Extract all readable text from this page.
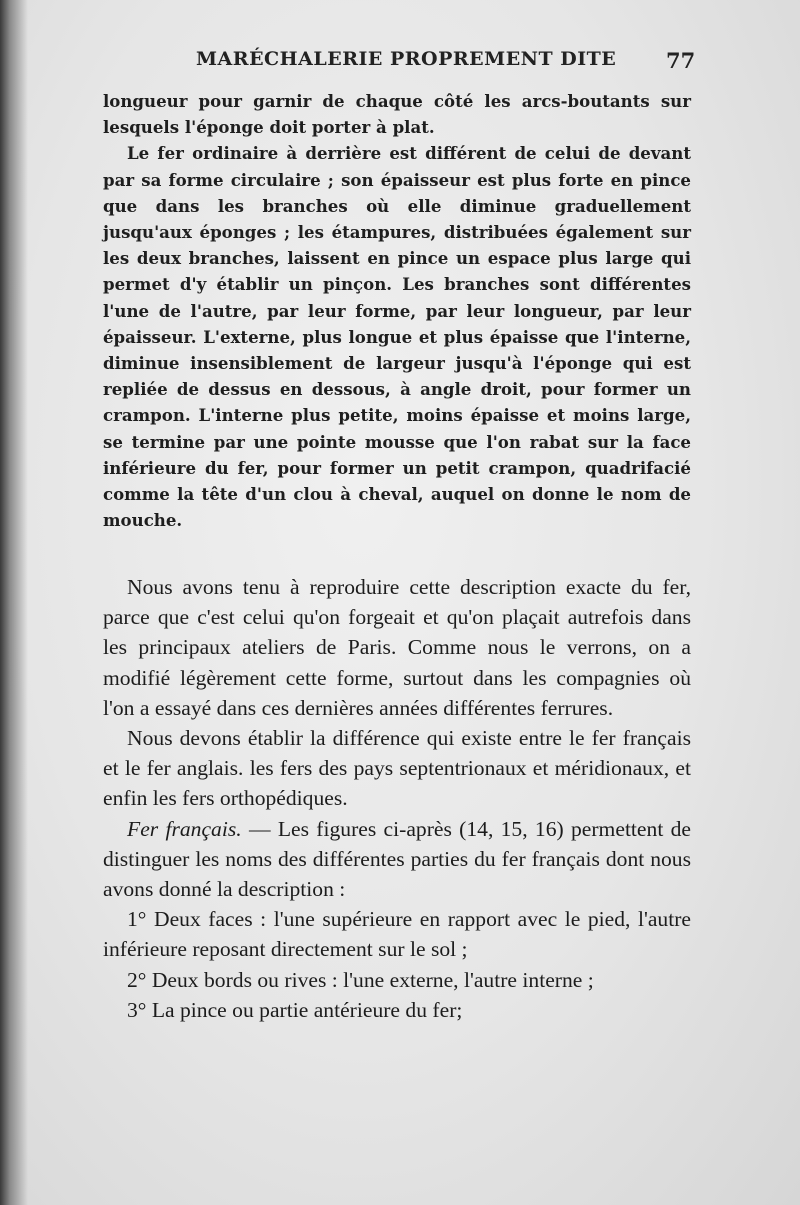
MARÉCHALERIE PROPREMENT DITE 77

longueur pour garnir de chaque côté les arcs-boutants sur lesquels l'éponge doit porter à plat.

Le fer ordinaire à derrière est différent de celui de devant par sa forme circulaire ; son épaisseur est plus forte en pince que dans les branches où elle diminue graduellement jusqu'aux éponges ; les étampures, distribuées également sur les deux branches, laissent en pince un espace plus large qui permet d'y établir un pinçon. Les branches sont différentes l'une de l'autre, par leur forme, par leur longueur, par leur épaisseur. L'externe, plus longue et plus épaisse que l'interne, diminue insensiblement de largeur jusqu'à l'éponge qui est repliée de dessus en dessous, à angle droit, pour former un crampon. L'interne plus petite, moins épaisse et moins large, se termine par une pointe mousse que l'on rabat sur la face inférieure du fer, pour former un petit crampon, quadrifacié comme la tête d'un clou à cheval, auquel on donne le nom de mouche.

Nous avons tenu à reproduire cette description exacte du fer, parce que c'est celui qu'on forgeait et qu'on plaçait autrefois dans les principaux ateliers de Paris. Comme nous le verrons, on a modifié légèrement cette forme, surtout dans les compagnies où l'on a essayé dans ces dernières années différentes ferrures.

Nous devons établir la différence qui existe entre le fer français et le fer anglais. les fers des pays septentrionaux et méridionaux, et enfin les fers orthopédiques.

Fer français. — Les figures ci-après (14, 15, 16) permettent de distinguer les noms des différentes parties du fer français dont nous avons donné la description :

1° Deux faces : l'une supérieure en rapport avec le pied, l'autre inférieure reposant directement sur le sol ;

2° Deux bords ou rives : l'une externe, l'autre interne ;

3° La pince ou partie antérieure du fer;
